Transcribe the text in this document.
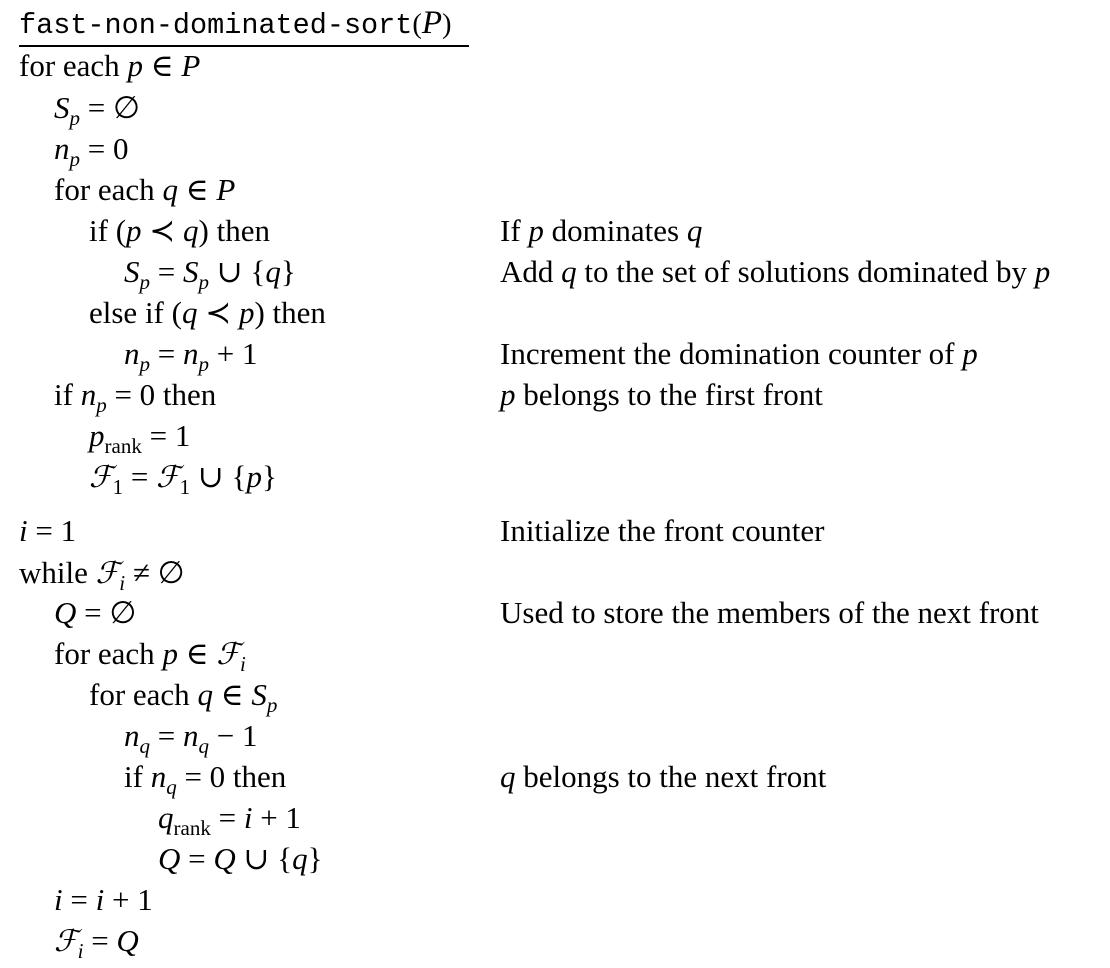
fast-non-dominated-sort(P)
for each p ∈ P
$S_p$ = ∅
$n_p = 0$
for each q ∈ P
if (p ≺ q) then	If p dominates q
$S_p = S_p$ ∪ {q}	Add q to the set of solutions dominated by p
else if (q ≺ p) then
$n_p = n_p + 1$	Increment the domination counter of p
if $n_p = 0$ then	p belongs to the first front
$p_{rank} = 1$
ℱ$_1$ = ℱ$_1$ ∪ {p}
i = 1	Initialize the front counter
while ℱ$_i$ ≠ ∅
Q = ∅	Used to store the members of the next front
for each p ∈ ℱ$_i$
for each q ∈ $S_p$
$n_q = n_q - 1$
if $n_q = 0$ then	q belongs to the next front
$q_{rank} = i + 1$
Q = Q ∪ {q}
i = i + 1
ℱ$_i$ = Q
